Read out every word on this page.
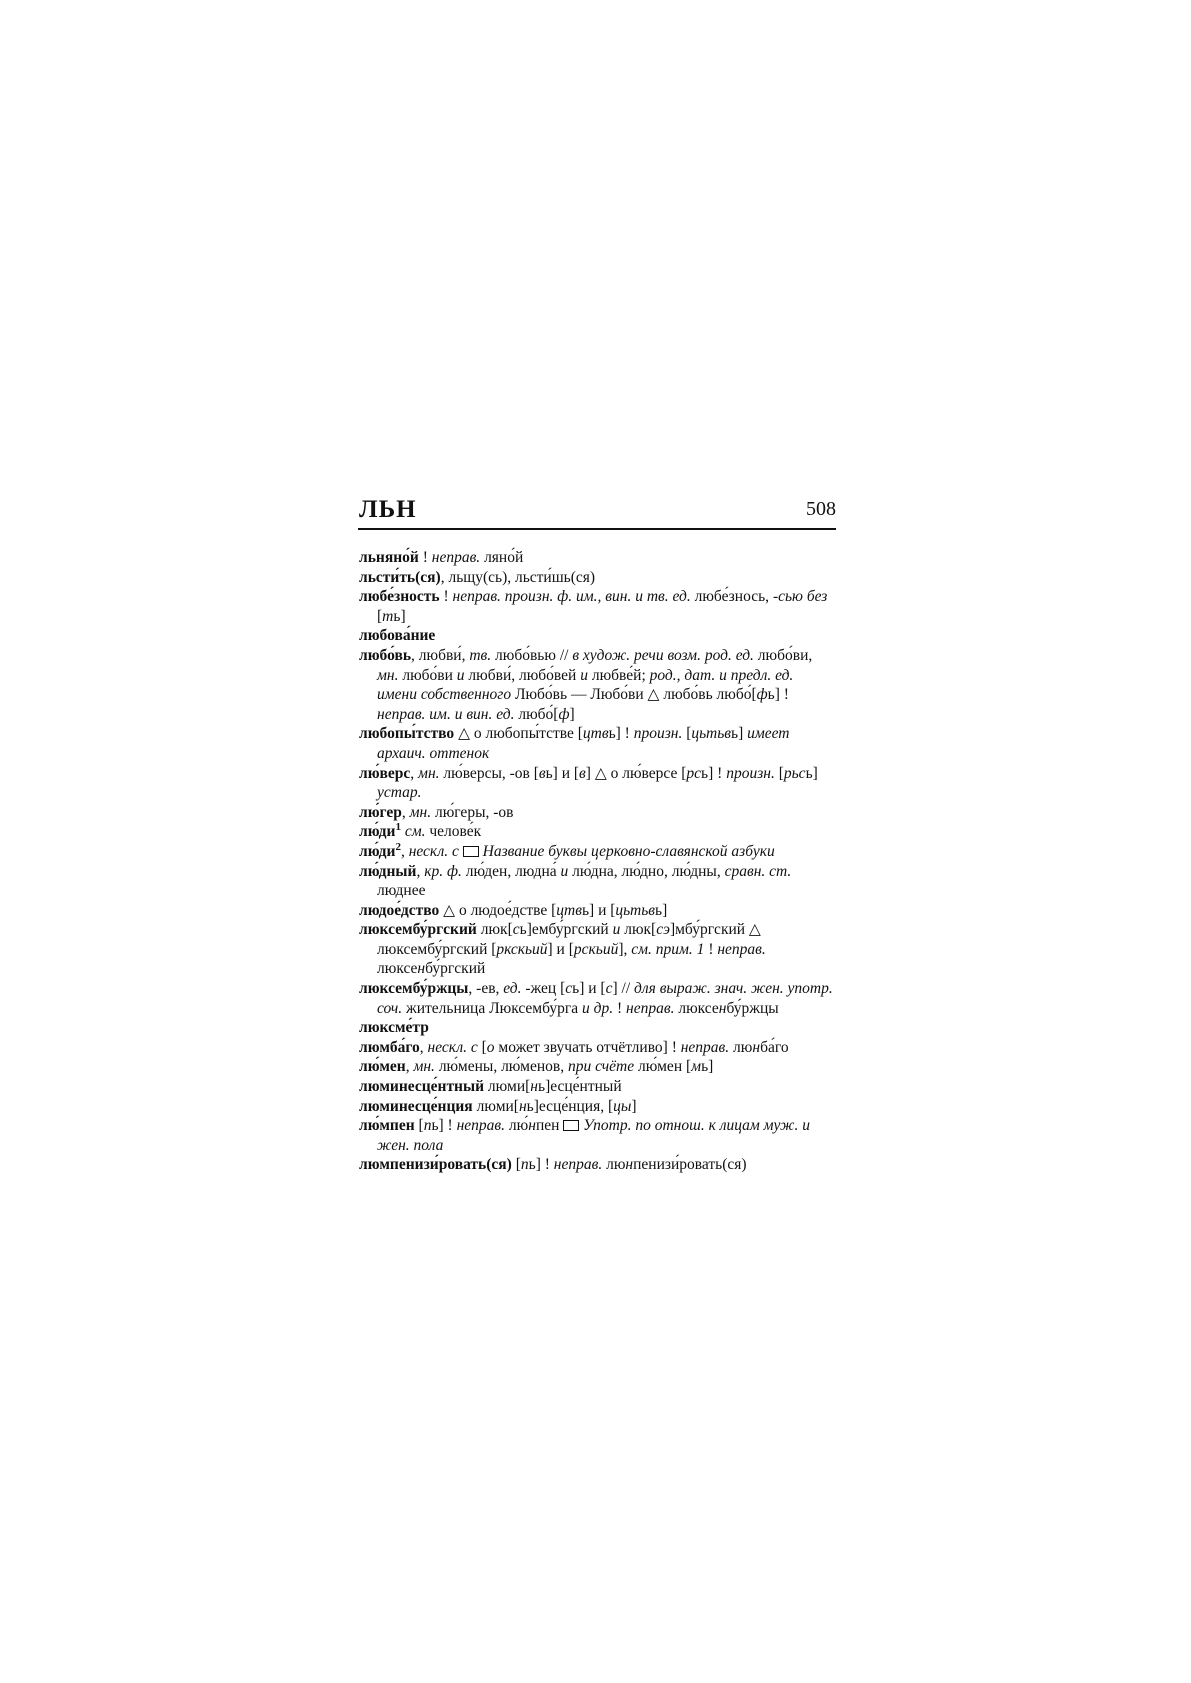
ЛЬН	508

льняно́й ! неправ. ляно́й

льсти́ть(ся), льщу(сь), льсти́шь(ся)

любе́зность ! неправ. произн. ф. им., вин. и тв. ед. любе́знось, -сью без [ть]

любова́ние

любо́вь, любви́, тв. любо́вью // в худож. речи возм. род. ед. любо́ви, мн. любо́ви и любви́, любо́вей и любве́й; род., дат. и предл. ед. имени собственного Любо́вь — Любо́ви △ любо́вь любо́[фь] ! неправ. им. и вин. ед. любо́[ф]

любопы́тство △ о любопы́тстве [цтвь] ! произн. [цьтьвь] имеет архаич. оттенок

лю́верс, мн. лю́версы, -ов [вь] и [в] △ о лю́версе [рсь] ! произн. [рьсь] устар.

лю́гер, мн. лю́геры, -ов

$лю́ди^1$ см. челове́к

$лю́ди^2$, нескл. с Название буквы церковно-славянской азбуки

лю́дный, кр. ф. лю́ден, людна́ и лю́дна, лю́дно, лю́дны, сравн. ст. люднее

людое́дство △ о людое́дстве [цтвь] и [цьтьвь]

люксембу́ргский люк[сь]ембу́ргский и люк[сэ]мбу́ргский △ люксембу́ргский [ркскьий] и [рскьий], см. прим. 1 ! неправ. люксенбу́ргский

люксембу́ржцы, -ев, ед. -жец [сь] и [с] // для выраж. знач. жен. употр. соч. жительница Люксембу́рга и др. ! неправ. люксенбу́ржцы

люксме́тр

люмба́го, нескл. с [о может звучать отчётливо] ! неправ. люнба́го

лю́мен, мн. лю́мены, лю́менов, при счёте лю́мен [мь]

люминесце́нтный люми[нь]есце́нтный

люминесце́нция люми[нь]есце́нция, [цы]

лю́мпен [пь] ! неправ. лю́нпен  Употр. по отнош. к лицам муж. и жен. пола

люмпенизи́ровать(ся) [пь] ! неправ. люнпенизи́ровать(ся)
